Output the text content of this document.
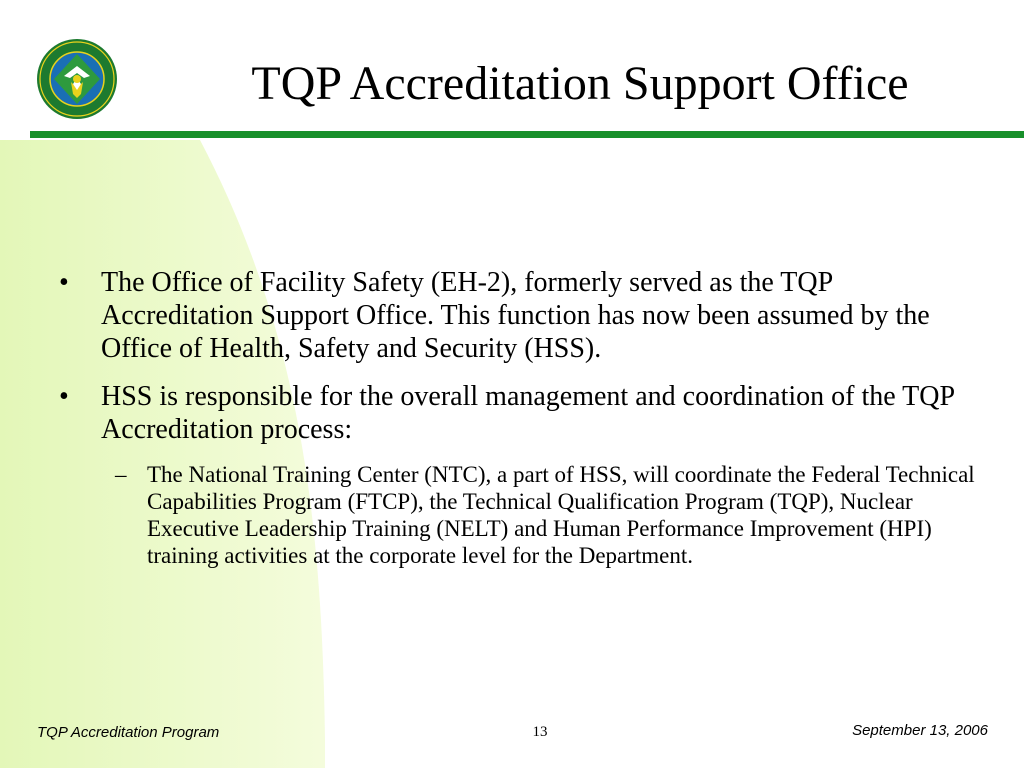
TQP Accreditation Support Office
• The Office of Facility Safety (EH-2), formerly served as the TQP Accreditation Support Office. This function has now been assumed by the Office of Health, Safety and Security (HSS).
• HSS is responsible for the overall management and coordination of the TQP Accreditation process:
– The National Training Center (NTC), a part of HSS, will coordinate the Federal Technical Capabilities Program (FTCP), the Technical Qualification Program (TQP), Nuclear Executive Leadership Training (NELT) and Human Performance Improvement (HPI) training activities at the corporate level for the Department.
TQP Accreditation Program	13	September 13, 2006
